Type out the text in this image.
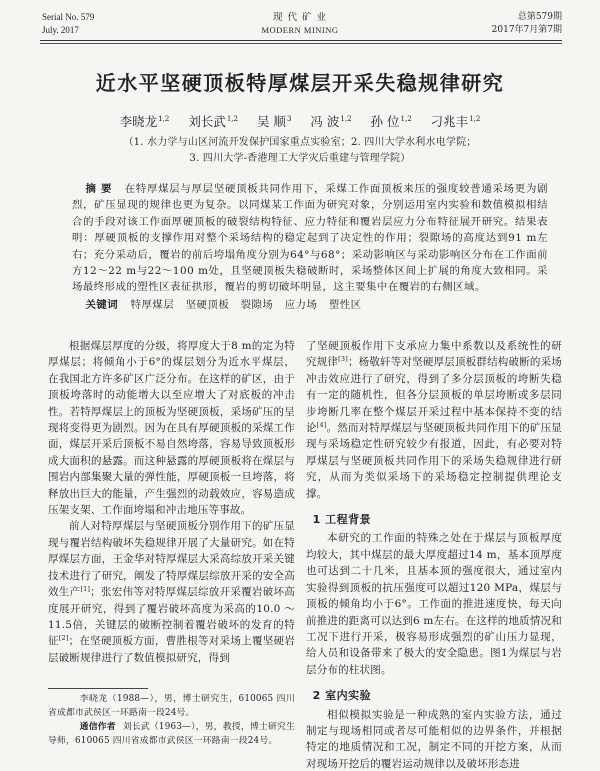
Serial No. 579
July. 2017
现 代 矿 业
MODERN MINING
总第579期
2017年7月第7期
近水平坚硬顶板特厚煤层开采失稳规律研究
李晓龙$^{1,2}$ 刘长武$^{1,2}$ 吴 顺$^3$ 冯 波$^{1,2}$ 孙 位$^{1,2}$ 刁兆丰$^{1,2}$
（1. 水力学与山区河流开发保护国家重点实验室；2. 四川大学水利水电学院；
3. 四川大学-香港理工大学灾后重建与管理学院）

摘 要 在特厚煤层与厚层坚硬顶板共同作用下，采煤工作面顶板来压的强度较普通采场更为剧烈，矿压显现的规律也更为复杂。以同煤某工作面为研究对象，分别运用室内实验和数值模拟相结合的手段对该工作面厚硬顶板的破裂结构特征、应力特征和覆岩层应力分布特征展开研究。结果表明：厚硬顶板的支撑作用对整个采场结构的稳定起到了决定性的作用；裂隙场的高度达到91 m左右；充分采动后，覆岩的前后垮塌角度分别为64°与68°；采动影响区与采动影响区分布在工作面前方12～22 m与22～100 m处，且坚硬顶板失稳破断时，采场整体区间上扩展的角度大致相同。采场最终形成的塑性区表征拱形，覆岩的剪切破坏明显，这主要集中在覆岩的右侧区域。

关键词 特厚煤层 坚硬顶板 裂隙场 应力场 塑性区

根据煤层厚度的分级，将厚度大于8 m的定为特厚煤层；将倾角小于6°的煤层划分为近水平煤层，在我国北方许多矿区广泛分布。在这样的矿区，由于顶板垮落时的动能增大以至应增大了对底板的冲击性。若特厚煤层上的顶板为坚硬顶板，采场矿压的呈现将变得更为剧烈。因为在具有厚硬顶板的采煤工作面，煤层开采后顶板不易自然垮落，容易导致顶板形成大面积的悬露。而这种悬露的厚硬顶板将在煤层与围岩内部集聚大量的弹性能，厚硬顶板一旦垮落，将释放出巨大的能量，产生强烈的动载效应，容易造成压架支架、工作面垮塌和冲击地压等事故。

前人对特厚煤层与坚硬顶板分别作用下的矿压显现与覆岩结构破坏失稳规律开展了大量研究。如在特厚煤层方面，王金华对特厚煤层大采高综放开采关键技术进行了研究，阐发了特厚煤层综放开采的安全高效生产[1]；张宏伟等对特厚煤层综放开采覆岩破坏高度展开研究，得到了覆岩破坏高度为采高的10.0 ～ 11.5倍，关键层的破断控制着覆岩破坏的发育的特征[2]；在坚硬顶板方面，曹胜根等对采场上覆坚硬岩层破断规律进行了数值模拟研究，得到

了坚硬顶板作用下支承应力集中系数以及系统性的研究规律[3]；杨敬轩等对坚硬厚层顶板群结构破断的采场冲击效应进行了研究，得到了多分层顶板的垮断失稳有一定的随机性，但各分层顶板的单层垮断或多层同步垮断几率在整个煤层开采过程中基本保持不变的结论[4]。然而对特厚煤层与坚硬顶板共同作用下的矿压显现与采场稳定性研究较少有报道，因此，有必要对特厚煤层与坚硬顶板共同作用下的采场失稳规律进行研究，从而为类似采场下的采场稳定控制提供理论支撑。

1 工程背景

本研究的工作面的特殊之处在于煤层与顶板厚度均较大，其中煤层的最大厚度超过14 m，基本顶厚度也可达到二十几米，且基本顶的强度很大，通过室内实验得到顶板的抗压强度可以超过120 MPa，煤层与顶板的倾角均小于6°。工作面的推进速度快，每天向前推进的距离可以达到6 m左右。在这样的地质情况和工况下进行开采，极容易形成强烈的矿山压力显现，给人员和设备带来了极大的安全隐患。图1为煤层与岩层分布的柱状图。

2 室内实验

相似模拟实验是一种成熟的室内实验方法，通过制定与现场相同或者尽可能相似的边界条件，并根据特定的地质情况和工况，制定不同的开挖方案，从而对现场开挖后的覆岩运动规律以及破坏形态进

李晓龙（1988—），男，博士研究生，610065 四川省成都市武侯区一环路南一段24号。

通信作者 刘长武（1963—），男，教授，博士研究生导师，610065 四川省成都市武侯区一环路南一段24号。
